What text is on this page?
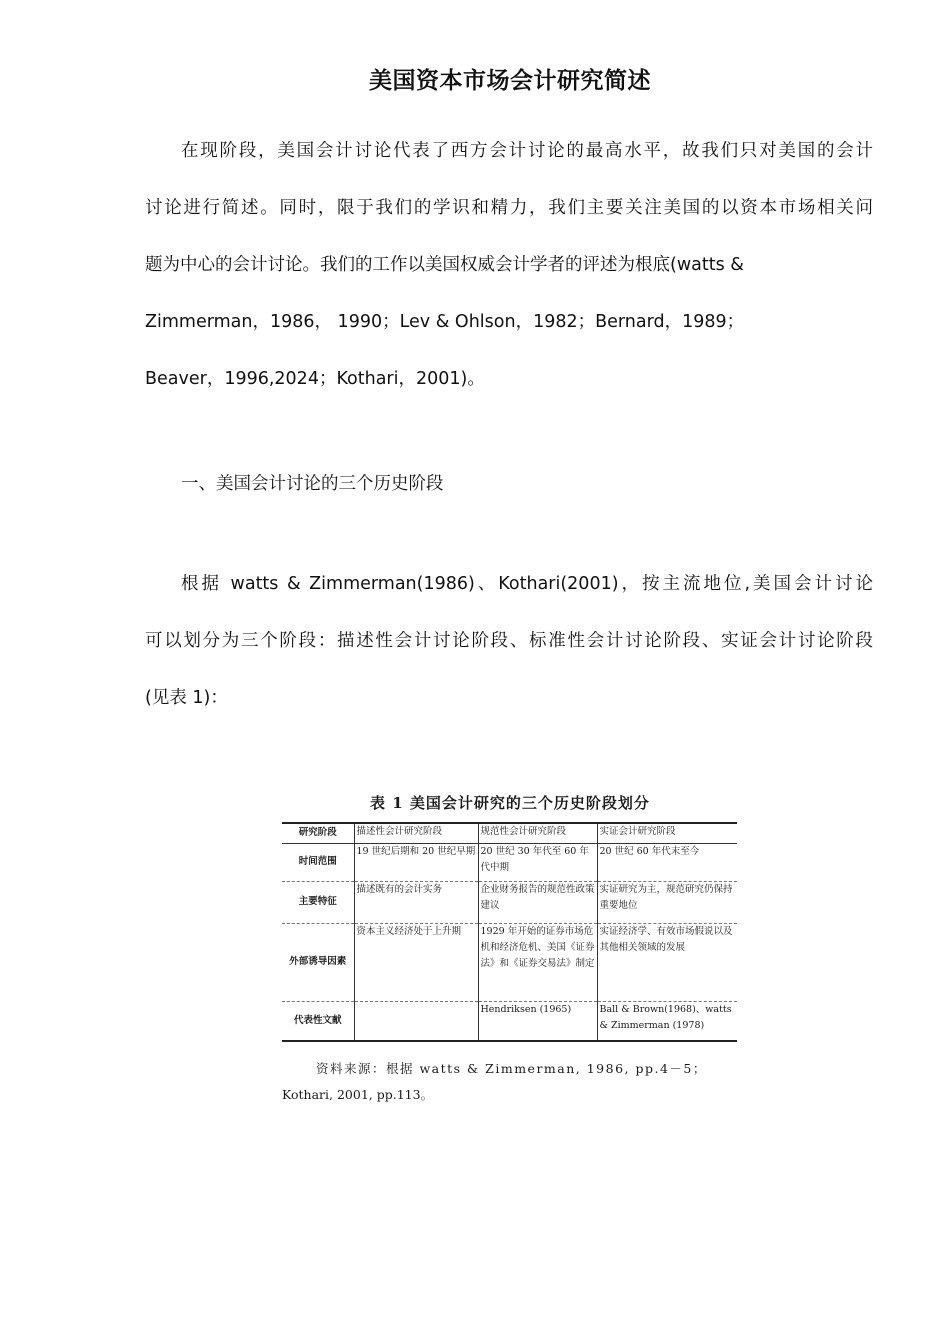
美国资本市场会计研究简述
在现阶段，美国会计讨论代表了西方会计讨论的最高水平，故我们只对美国的会计
讨论进行简述。同时，限于我们的学识和精力，我们主要关注美国的以资本市场相关问
题为中心的会计讨论。我们的工作以美国权威会计学者的评述为根底(watts &
Zimmerman，1986， 1990；Lev & Ohlson，1982；Bernard，1989；
Beaver，1996,2024；Kothari，2001)。
一、美国会计讨论的三个历史阶段
根据 watts & Zimmerman(1986)、Kothari(2001)，按主流地位,美国会计讨论
可以划分为三个阶段：描述性会计讨论阶段、标准性会计讨论阶段、实证会计讨论阶段
(见表 1)：
表 1 美国会计研究的三个历史阶段划分
研究阶段	描述性会计研究阶段	规范性会计研究阶段	实证会计研究阶段
时间范围	19 世纪后期和 20 世纪早期	20 世纪 30 年代至 60 年代中期	20 世纪 60 年代末至今
主要特征	描述既有的会计实务	企业财务报告的规范性政策建议	实证研究为主，规范研究仍保持重要地位
外部诱导因素	资本主义经济处于上升期	1929 年开始的证券市场危机和经济危机、美国《证券法》和《证券交易法》制定	实证经济学、有效市场假说以及其他相关领域的发展
代表性文献		Hendriksen (1965)	Ball & Brown(1968)、watts & Zimmerman (1978)
资料来源：根据 watts & Zimmerman, 1986, pp.4－5；
Kothari, 2001, pp.113。
